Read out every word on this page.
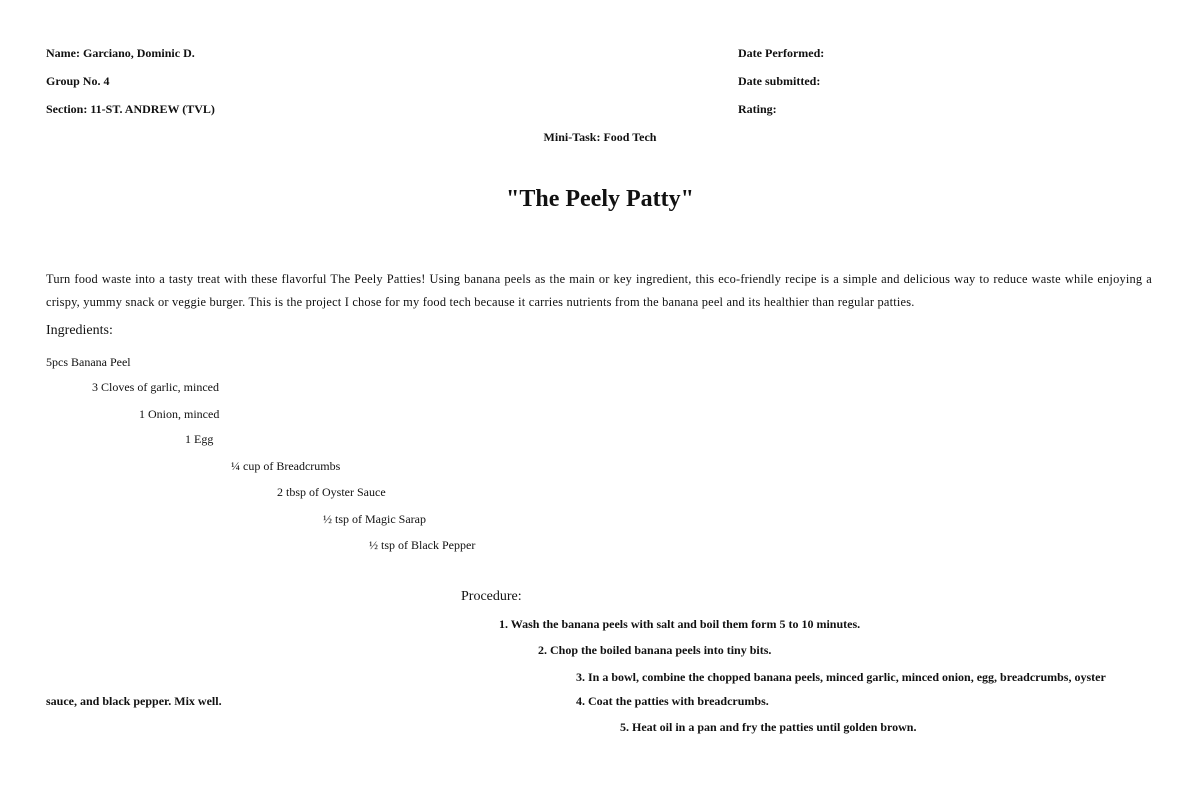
Name: Garciano, Dominic D.
Group No. 4
Section: 11-ST. ANDREW (TVL)
Date Performed:
Date submitted:
Rating:
Mini-Task: Food Tech
"The Peely Patty"
Turn food waste into a tasty treat with these flavorful The Peely Patties! Using banana peels as the main or key ingredient, this eco-friendly recipe is a simple and delicious way to reduce waste while enjoying a crispy, yummy snack or veggie burger. This is the project I chose for my food tech because it carries nutrients from the banana peel and its healthier than regular patties.
Ingredients:
5pcs Banana Peel
3 Cloves of garlic, minced
1 Onion, minced
1 Egg
¼ cup of Breadcrumbs
2 tbsp of Oyster Sauce
½ tsp of Magic Sarap
½ tsp of Black Pepper
Procedure:
1. Wash the banana peels with salt and boil them form 5 to 10 minutes.
2. Chop the boiled banana peels into tiny bits.
3. In a bowl, combine the chopped banana peels, minced garlic, minced onion, egg, breadcrumbs, oyster
sauce, and black pepper. Mix well.	4. Coat the patties with breadcrumbs.
5. Heat oil in a pan and fry the patties until golden brown.
